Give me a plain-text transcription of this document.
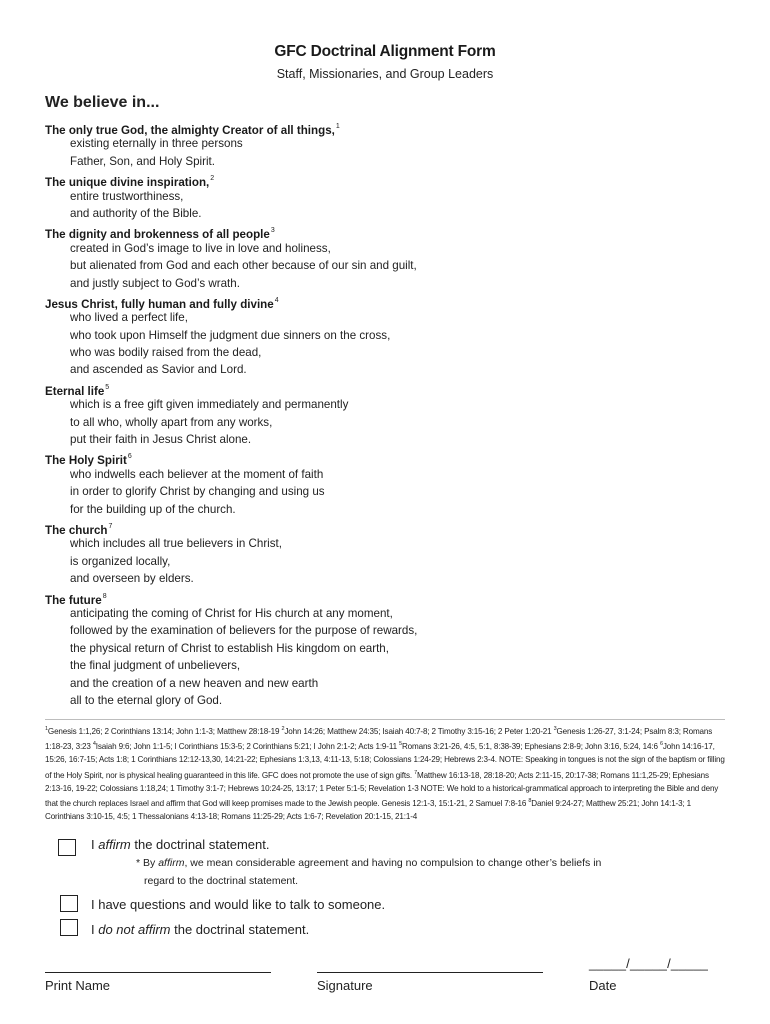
GFC Doctrinal Alignment Form
Staff, Missionaries, and Group Leaders
We believe in...
The only true God, the almighty Creator of all things,$^1$
existing eternally in three persons
Father, Son, and Holy Spirit.
The unique divine inspiration,$^2$
entire trustworthiness,
and authority of the Bible.
The dignity and brokenness of all people$^3$
created in God’s image to live in love and holiness,
but alienated from God and each other because of our sin and guilt,
and justly subject to God’s wrath.
Jesus Christ, fully human and fully divine$^4$
who lived a perfect life,
who took upon Himself the judgment due sinners on the cross,
who was bodily raised from the dead,
and ascended as Savior and Lord.
Eternal life$^5$
which is a free gift given immediately and permanently
to all who, wholly apart from any works,
put their faith in Jesus Christ alone.
The Holy Spirit$^6$
who indwells each believer at the moment of faith
in order to glorify Christ by changing and using us
for the building up of the church.
The church$^7$
which includes all true believers in Christ,
is organized locally,
and overseen by elders.
The future$^8$
anticipating the coming of Christ for His church at any moment,
followed by the examination of believers for the purpose of rewards,
the physical return of Christ to establish His kingdom on earth,
the final judgment of unbelievers,
and the creation of a new heaven and new earth
all to the eternal glory of God.
$^1$Genesis 1:1,26; 2 Corinthians 13:14; John 1:1-3; Matthew 28:18-19 $^2$John 14:26; Matthew 24:35; Isaiah 40:7-8; 2 Timothy 3:15-16; 2 Peter 1:20-21 $^3$Genesis 1:26-27, 3:1-24; Psalm 8:3; Romans 1:18-23, 3:23 $^4$Isaiah 9:6; John 1:1-5; I Corinthians 15:3-5; 2 Corinthians 5:21; I John 2:1-2; Acts 1:9-11 $^5$Romans 3:21-26, 4:5, 5:1, 8:38-39; Ephesians 2:8-9; John 3:16, 5:24, 14:6 $^6$John 14:16-17, 15:26, 16:7-15; Acts 1:8; 1 Corinthians 12:12-13,30, 14:21-22; Ephesians 1:3,13, 4:11-13, 5:18; Colossians 1:24-29; Hebrews 2:3-4. NOTE: Speaking in tongues is not the sign of the baptism or filling of the Holy Spirit, nor is physical healing guaranteed in this life. GFC does not promote the use of sign gifts. $^7$Matthew 16:13-18, 28:18-20; Acts 2:11-15, 20:17-38; Romans 11:1,25-29; Ephesians 2:13-16, 19-22; Colossians 1:18,24; 1 Timothy 3:1-7; Hebrews 10:24-25, 13:17; 1 Peter 5:1-5; Revelation 1-3 NOTE: We hold to a historical-grammatical approach to interpreting the Bible and deny that the church replaces Israel and affirm that God will keep promises made to the Jewish people. Genesis 12:1-3, 15:1-21, 2 Samuel 7:8-16 $^8$Daniel 9:24-27; Matthew 25:21; John 14:1-3; 1 Corinthians 3:10-15, 4:5; 1 Thessalonians 4:13-18; Romans 11:25-29; Acts 1:6-7; Revelation 20:1-15, 21:1-4
I affirm the doctrinal statement.
* By affirm, we mean considerable agreement and having no compulsion to change other’s beliefs in
regard to the doctrinal statement.
I have questions and would like to talk to someone.
I do not affirm the doctrinal statement.
Print Name	Signature
_____/_____/_____
Date
